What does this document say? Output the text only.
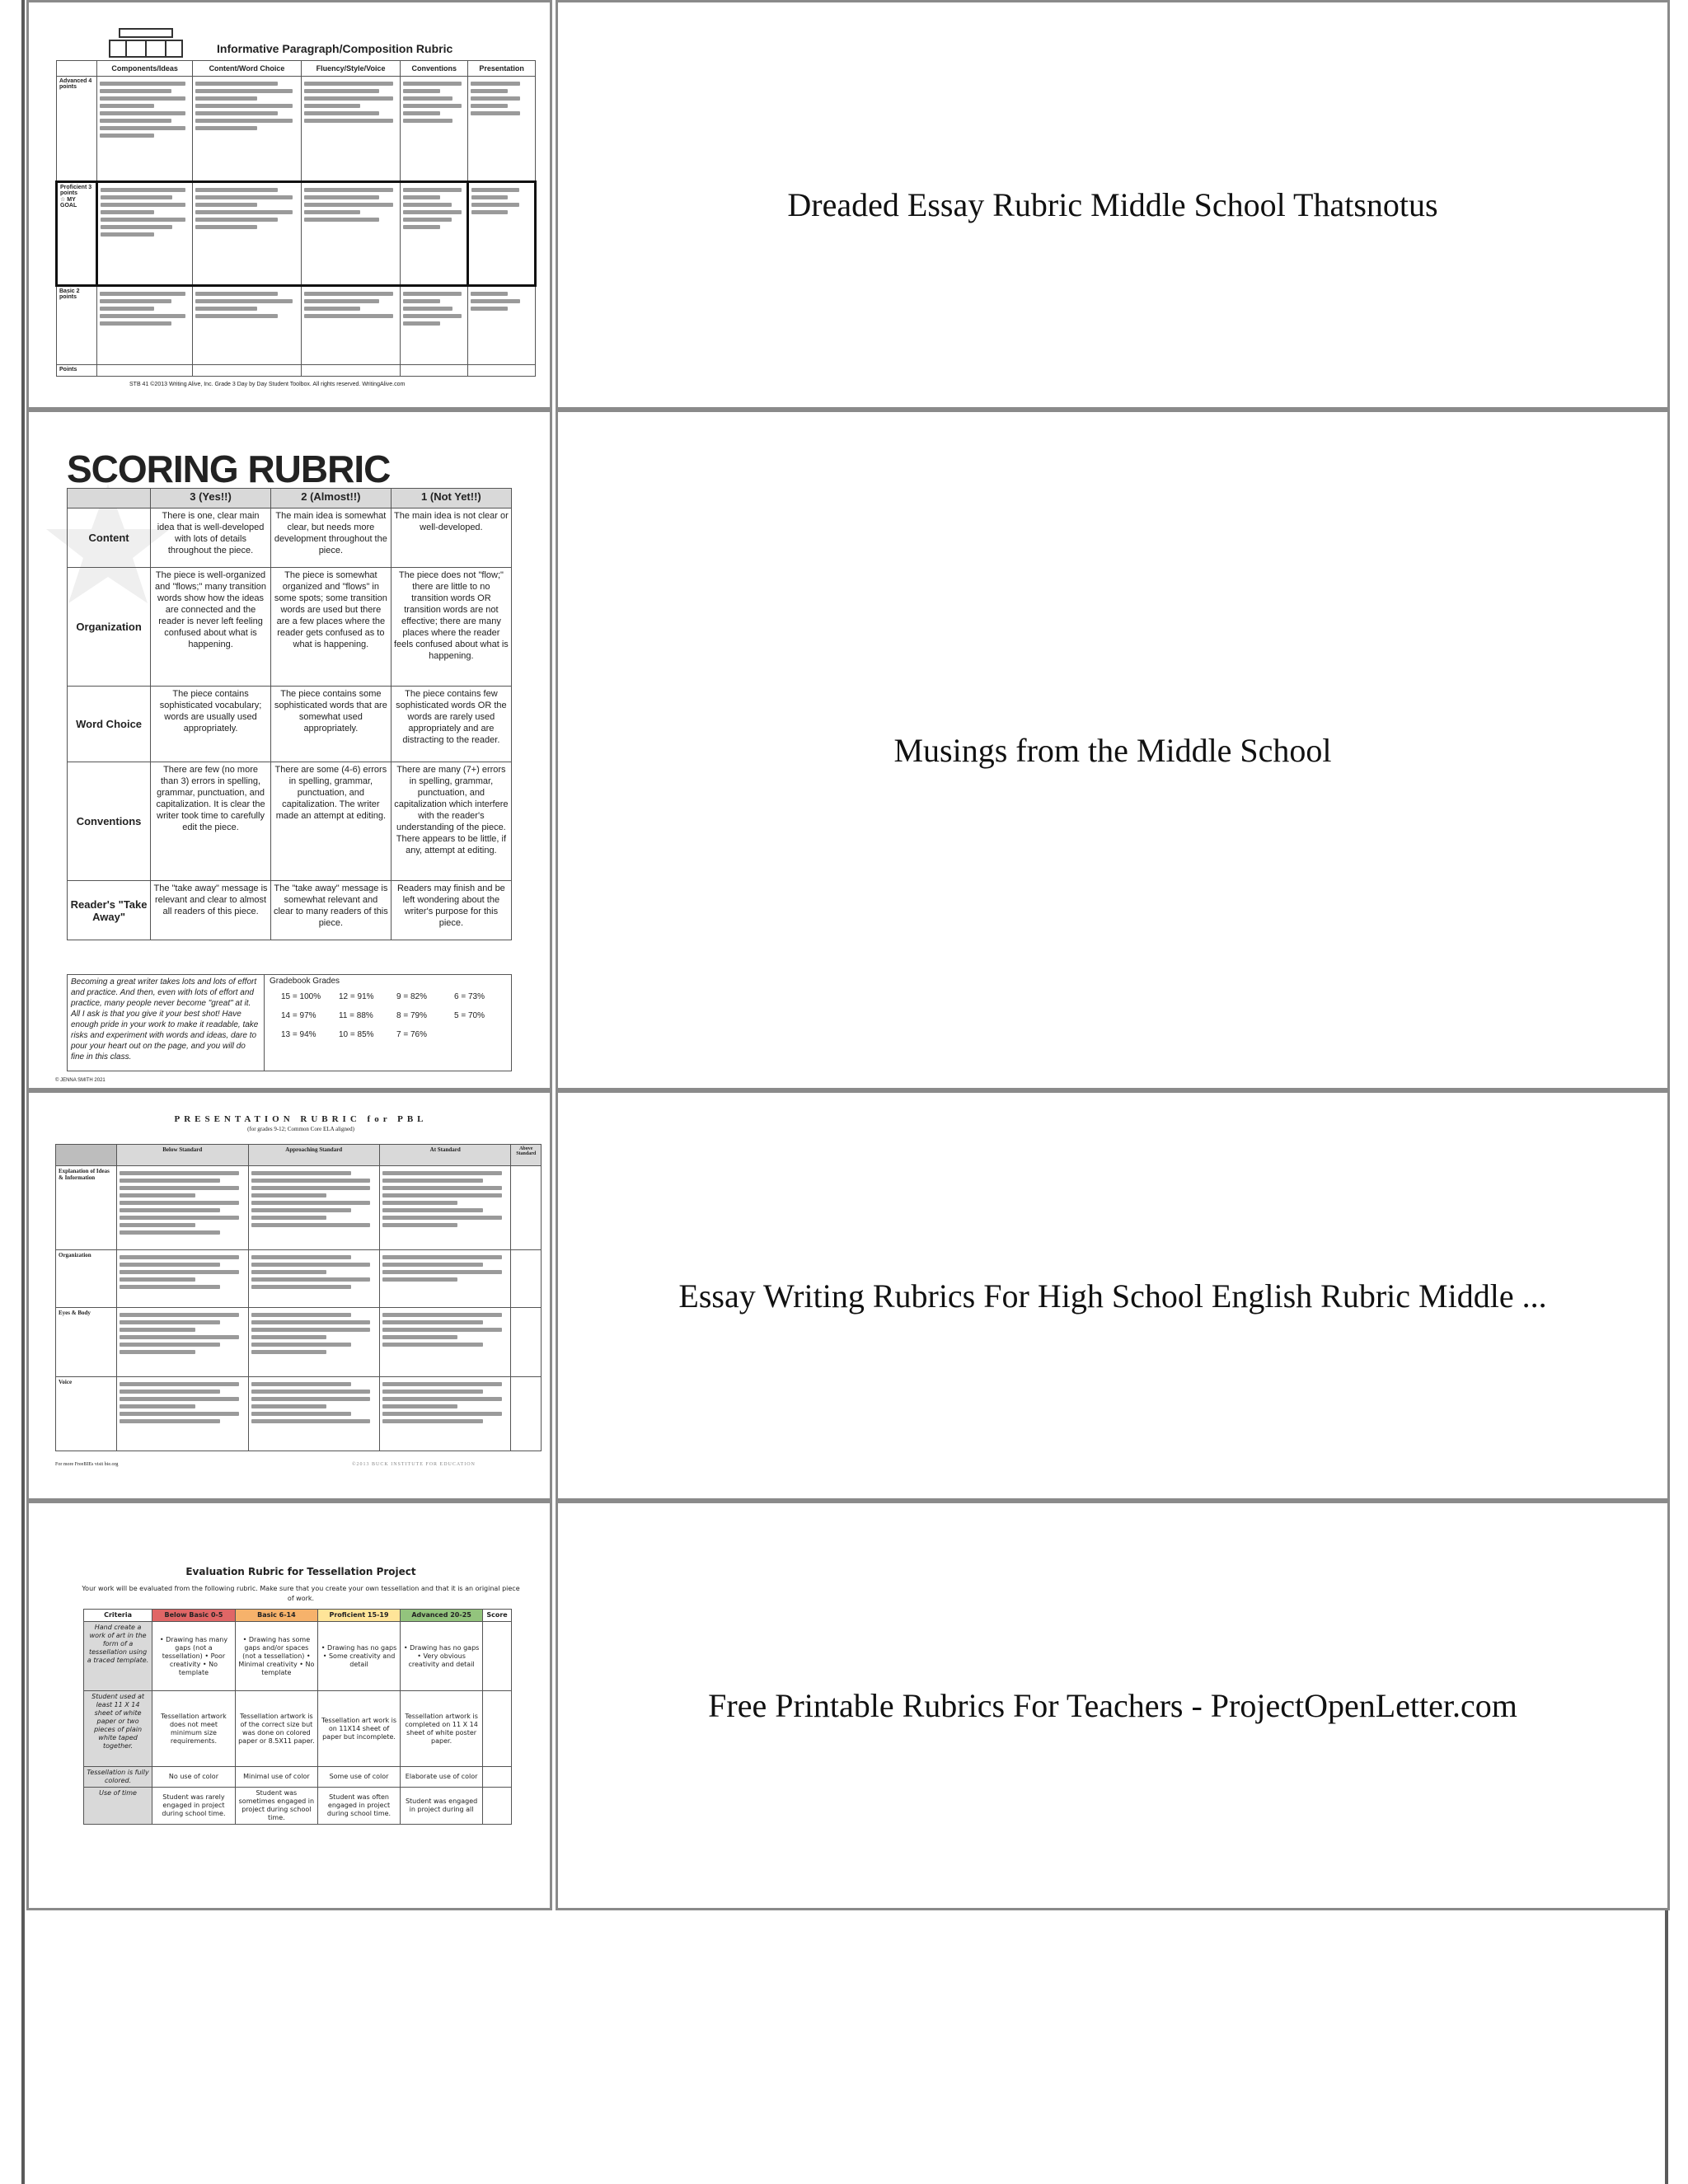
Informative Paragraph/Composition Rubric
	Components/Ideas	Content/Word Choice	Fluency/Style/Voice	Conventions	Presentation
Advanced 4 points	

Proficient 3 points
☆ MY GOAL	

Basic 2 points	

Points					
STB 41 ©2013 Writing Alive, Inc. Grade 3 Day by Day Student Toolbox. All rights reserved. WritingAlive.com
Dreaded Essay Rubric Middle School Thatsnotus
SCORING RUBRIC
	3 (Yes!!)	2 (Almost!!)	1 (Not Yet!!)
Content	There is one, clear main idea that is well-developed with lots of details throughout the piece.	The main idea is somewhat clear, but needs more development throughout the piece.	The main idea is not clear or well-developed.
Organization	The piece is well-organized and "flows;" many transition words show how the ideas are connected and the reader is never left feeling confused about what is happening.	The piece is somewhat organized and "flows" in some spots; some transition words are used but there are a few places where the reader gets confused as to what is happening.	The piece does not "flow;" there are little to no transition words OR transition words are not effective; there are many places where the reader feels confused about what is happening.
Word Choice	The piece contains sophisticated vocabulary; words are usually used appropriately.	The piece contains some sophisticated words that are somewhat used appropriately.	The piece contains few sophisticated words OR the words are rarely used appropriately and are distracting to the reader.
Conventions	There are few (no more than 3) errors in spelling, grammar, punctuation, and capitalization. It is clear the writer took time to carefully edit the piece.	There are some (4-6) errors in spelling, grammar, punctuation, and capitalization. The writer made an attempt at editing.	There are many (7+) errors in spelling, grammar, punctuation, and capitalization which interfere with the reader's understanding of the piece. There appears to be little, if any, attempt at editing.
Reader's "Take Away"	The "take away" message is relevant and clear to almost all readers of this piece.	The "take away" message is somewhat relevant and clear to many readers of this piece.	Readers may finish and be left wondering about the writer's purpose for this piece.
Becoming a great writer takes lots and lots of effort and practice. And then, even with lots of effort and practice, many people never become "great" at it. All I ask is that you give it your best shot! Have enough pride in your work to make it readable, take risks and experiment with words and ideas, dare to pour your heart out on the page, and you will do fine in this class.
Gradebook Grades
15 = 100%	12 = 91%	9 = 82%	6 = 73%
14 = 97%	11 = 88%	8 = 79%	5 = 70%
13 = 94%	10 = 85%	7 = 76%
© JENNA SMITH 2021
Musings from the Middle School
PRESENTATION RUBRIC for PBL
(for grades 9-12; Common Core ELA aligned)
	Below Standard	Approaching Standard	At Standard	Above Standard
Explanation of Ideas & Information	

Organization	

Eyes & Body	

Voice	

For more FreeBIEs visit bie.org	©2013 BUCK INSTITUTE FOR EDUCATION
Essay Writing Rubrics For High School English Rubric Middle ...
Evaluation Rubric for Tessellation Project
Your work will be evaluated from the following rubric. Make sure that you create your own tessellation and that it is an original piece of work.
Criteria	Below Basic 0-5	Basic 6-14	Proficient 15-19	Advanced 20-25	Score
Hand create a work of art in the form of a tessellation using a traced template.	• Drawing has many gaps (not a tessellation) • Poor creativity • No template	• Drawing has some gaps and/or spaces (not a tessellation) • Minimal creativity • No template	• Drawing has no gaps • Some creativity and detail	• Drawing has no gaps • Very obvious creativity and detail	
Student used at least 11 X 14 sheet of white paper or two pieces of plain white taped together.	Tessellation artwork does not meet minimum size requirements.	Tessellation artwork is of the correct size but was done on colored paper or 8.5X11 paper.	Tessellation art work is on 11X14 sheet of paper but incomplete.	Tessellation artwork is completed on 11 X 14 sheet of white poster paper.	
Tessellation is fully colored.	No use of color	Minimal use of color	Some use of color	Elaborate use of color	
Use of time	Student was rarely engaged in project during school time.	Student was sometimes engaged in project during school time.	Student was often engaged in project during school time.	Student was engaged in project during all	
Free Printable Rubrics For Teachers - ProjectOpenLetter.com
